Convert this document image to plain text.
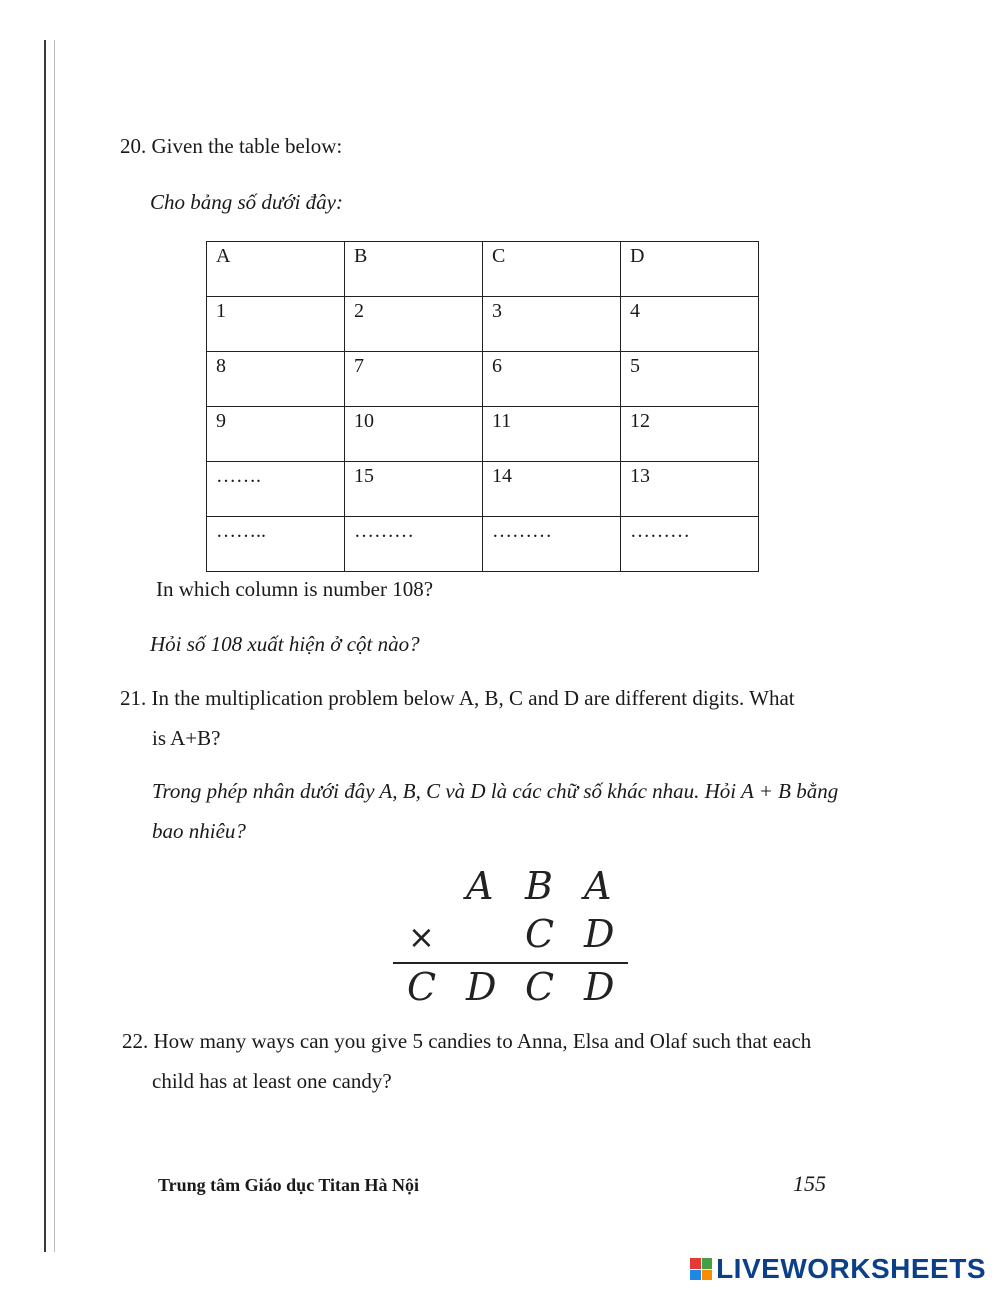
20. Given the table below:
Cho bảng số dưới đây:
A	B	C	D
1	2	3	4
8	7	6	5
9	10	11	12
…….	15	14	13
……..	………	………	………
In which column is number 108?
Hỏi số 108 xuất hiện ở cột nào?
21. In the multiplication problem below A, B, C and D are different digits. What
is A+B?
Trong phép nhân dưới đây A, B, C và D là các chữ số khác nhau. Hỏi A + B bằng
bao nhiêu?
A B A
× C D
C D C D
22. How many ways can you give 5 candies to Anna, Elsa and Olaf such that each
child has at least one candy?
Trung tâm Giáo dục Titan Hà Nội	155
LIVEWORKSHEETS
